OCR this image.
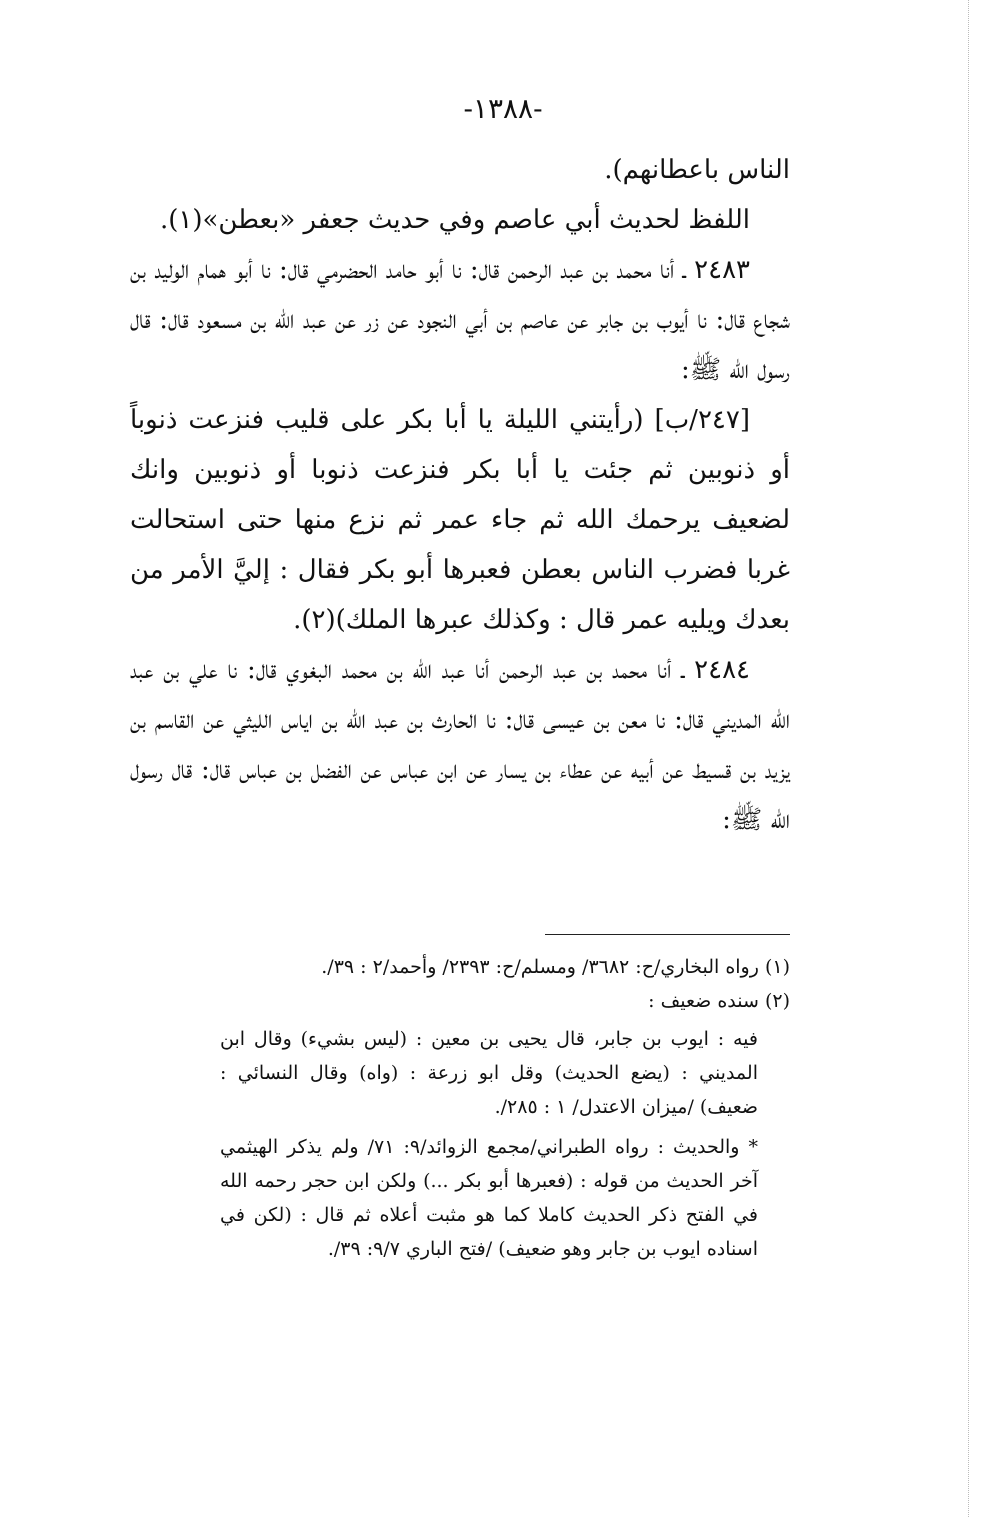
-١٣٨٨-

الناس باعطانهم).

اللفظ لحديث أبي عاصم وفي حديث جعفر «بعطن»(١).

٢٤٨٣ ـ أنا محمد بن عبد الرحمن قال: نا أبو حامد الحضرمي قال: نا أبو همام الوليد بن شجاع قال: نا أيوب بن جابر عن عاصم بن أبي النجود عن زر عن عبد الله بن مسعود قال: قال رسول الله ﷺ:

[٢٤٧/ب] (رأيتني الليلة يا أبا بكر على قليب فنزعت ذنوباً أو ذنوبين ثم جئت يا أبا بكر فنزعت ذنوبا أو ذنوبين وانك لضعيف يرحمك الله ثم جاء عمر ثم نزع منها حتى استحالت غربا فضرب الناس بعطن فعبرها أبو بكر فقال : إليَّ الأمر من بعدك ويليه عمر قال : وكذلك عبرها الملك)(٢).

٢٤٨٤ ـ أنا محمد بن عبد الرحمن أنا عبد الله بن محمد البغوي قال: نا علي بن عبد الله المديني قال: نا معن بن عيسى قال: نا الحارث بن عبد الله بن اياس الليثي عن القاسم بن يزيد بن قسيط عن أبيه عن عطاء بن يسار عن ابن عباس عن الفضل بن عباس قال: قال رسول الله ﷺ:

(١) رواه البخاري/ح: ٣٦٨٢/ ومسلم/ح: ٢٣٩٣/ وأحمد/٢ : ٣٩/.

(٢) سنده ضعيف :

فيه : ايوب بن جابر، قال يحيى بن معين : (ليس بشيء) وقال ابن المديني : (يضع الحديث) وقل ابو زرعة : (واه) وقال النسائي : ضعيف) /ميزان الاعتدل/ ١ : ٢٨٥/.

* والحديث : رواه الطبراني/مجمع الزوائد/٩: ٧١/ ولم يذكر الهيثمي آخر الحديث من قوله : (فعبرها أبو بكر ...) ولكن ابن حجر رحمه الله في الفتح ذكر الحديث كاملا كما هو مثبت أعلاه ثم قال : (لكن في اسناده ايوب بن جابر وهو ضعيف) /فتح الباري ٩/٧: ٣٩/.
